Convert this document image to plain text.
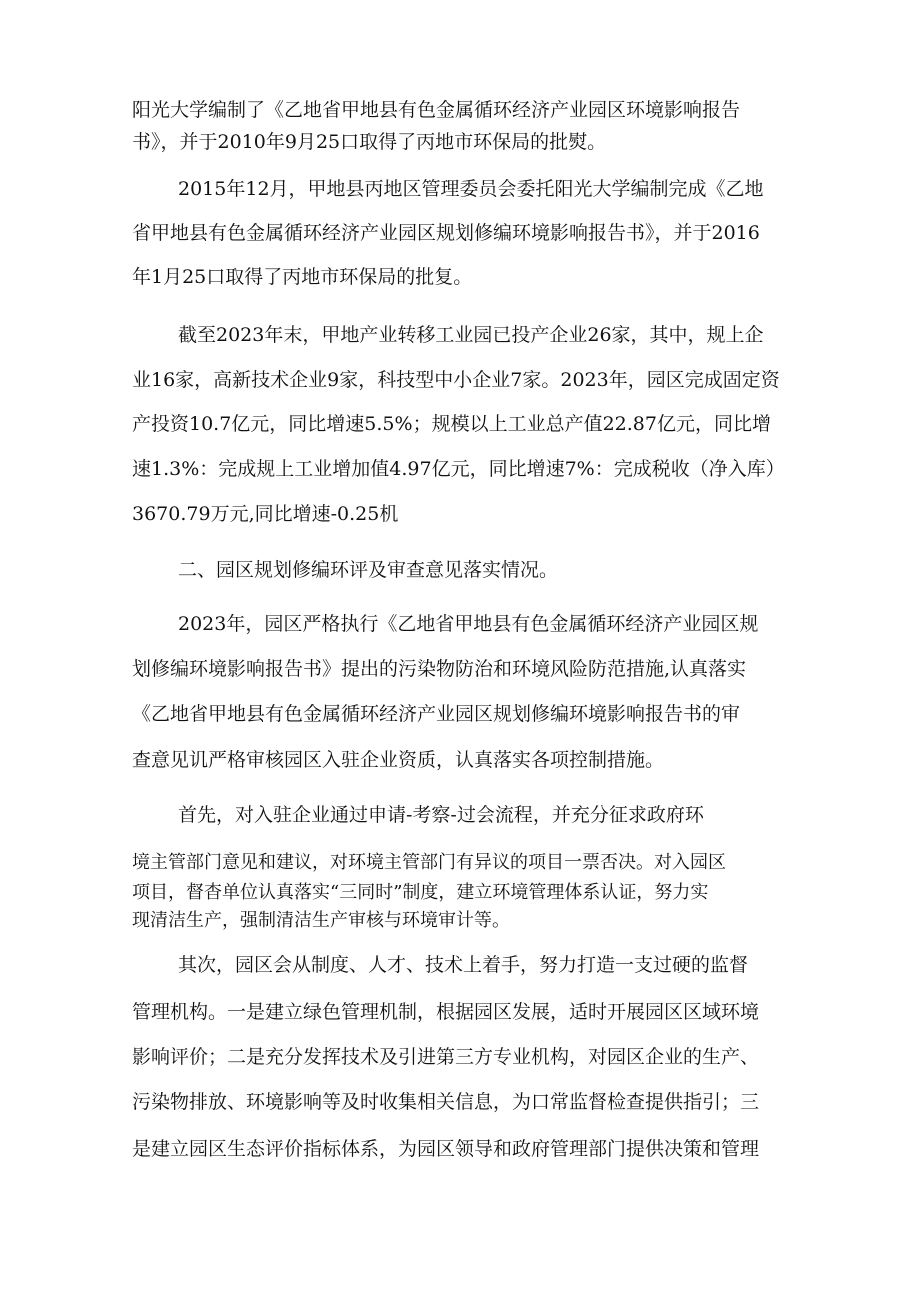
阳光大学编制了《乙地省甲地县有色金属循环经济产业园区环境影响报告

书》，并于2010年9月25口取得了丙地市环保局的批熨。

2015年12月，甲地县丙地区管理委员会委托阳光大学编制完成《乙地

省甲地县有色金属循环经济产业园区规划修编环境影响报告书》，并于2016

年1月25口取得了丙地市环保局的批复。

截至2023年末，甲地产业转移工业园已投产企业26家，其中，规上企

业16家，高新技术企业9家，科技型中小企业7家。2023年，园区完成固定资

产投资10.7亿元，同比增速5.5%；规模以上工业总产值22.87亿元，同比增

速1.3%：完成规上工业增加值4.97亿元，同比增速7%：完成税收（净入库）

3670.79万元,同比增速-0.25机

二、园区规划修编环评及审查意见落实情况。

2023年，园区严格执行《乙地省甲地县有色金属循环经济产业园区规

划修编环境影响报告书》提出的污染物防治和环境风险防范措施,认真落实

《乙地省甲地县有色金属循环经济产业园区规划修编环境影响报告书的审

查意见讥严格审核园区入驻企业资质，认真落实各项控制措施。

首先，对入驻企业通过申请-考察-过会流程，并充分征求政府环

境主管部门意见和建议，对环境主管部门有异议的项目一票否决。对入园区

项目，督杳单位认真落实“三同时”制度，建立环境管理体系认证，努力实

现清洁生产，强制清洁生产审核与环境审计等。

其次，园区会从制度、人才、技术上着手，努力打造一支过硬的监督

管理机构。一是建立绿色管理机制，根据园区发展，适时开展园区区域环境

影响评价；二是充分发挥技术及引进第三方专业机构，对园区企业的生产、

污染物排放、环境影响等及时收集相关信息，为口常监督检查提供指引；三

是建立园区生态评价指标体系，为园区领导和政府管理部门提供决策和管理
